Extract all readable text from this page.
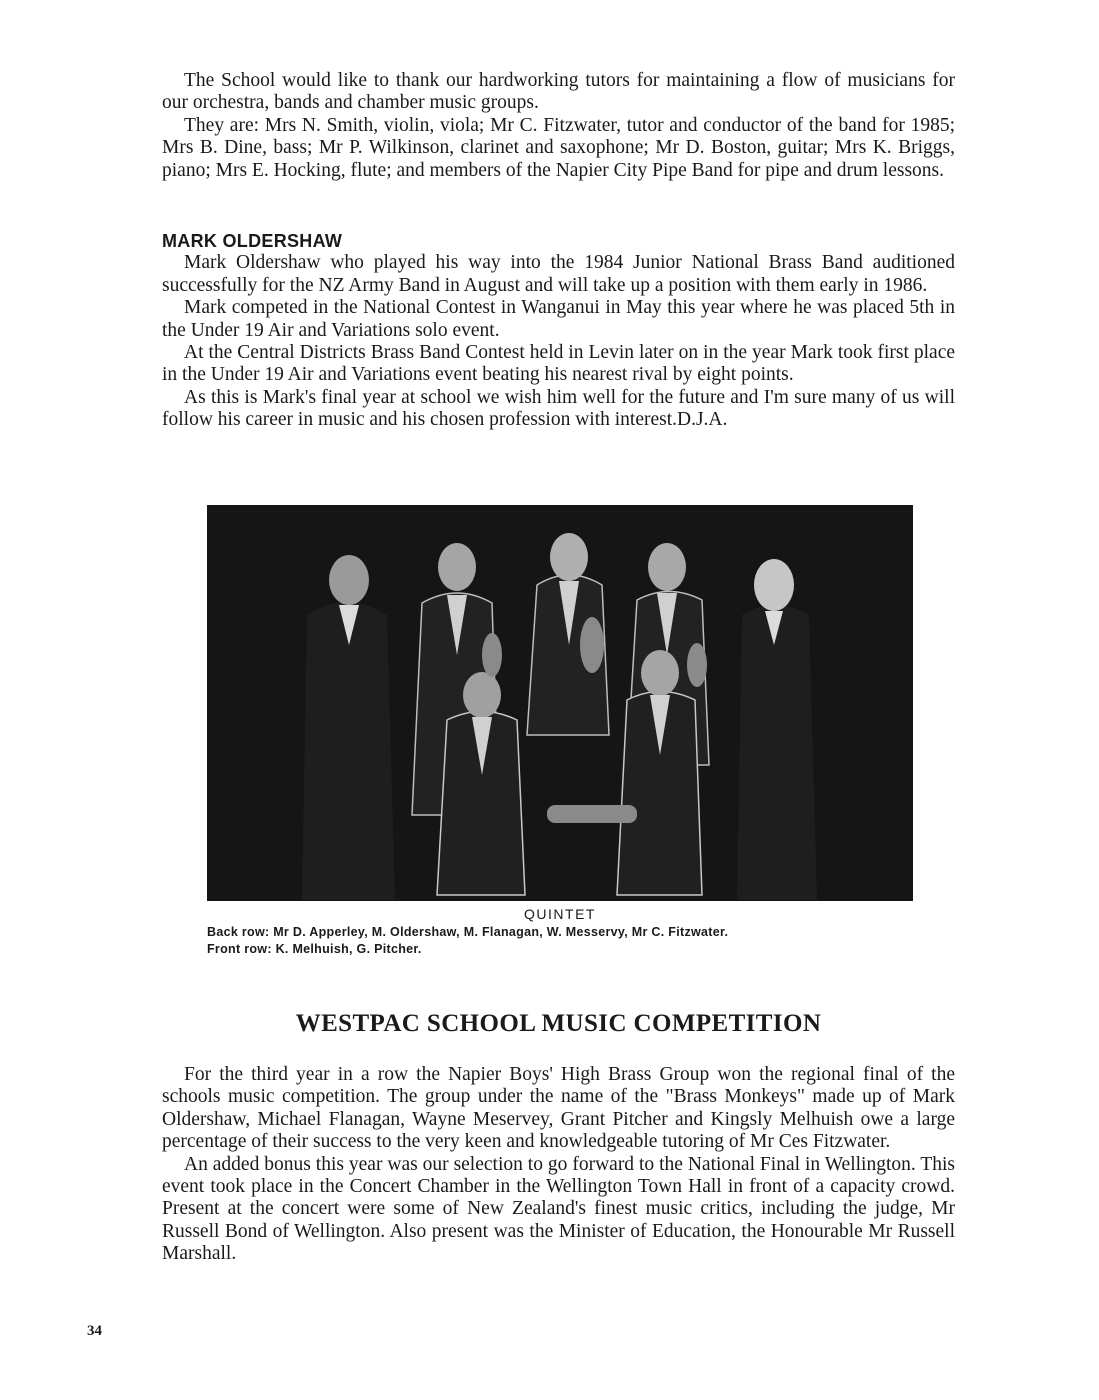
The School would like to thank our hardworking tutors for maintaining a flow of musicians for our orchestra, bands and chamber music groups.

They are: Mrs N. Smith, violin, viola; Mr C. Fitzwater, tutor and conductor of the band for 1985; Mrs B. Dine, bass; Mr P. Wilkinson, clarinet and saxophone; Mr D. Boston, guitar; Mrs K. Briggs, piano; Mrs E. Hocking, flute; and members of the Napier City Pipe Band for pipe and drum lessons.

MARK OLDERSHAW

Mark Oldershaw who played his way into the 1984 Junior National Brass Band auditioned successfully for the NZ Army Band in August and will take up a position with them early in 1986.

Mark competed in the National Contest in Wanganui in May this year where he was placed 5th in the Under 19 Air and Variations solo event.

At the Central Districts Brass Band Contest held in Levin later on in the year Mark took first place in the Under 19 Air and Variations event beating his nearest rival by eight points.

As this is Mark's final year at school we wish him well for the future and I'm sure many of us will follow his career in music and his chosen profession with interest.D.J.A.

QUINTET

Back row: Mr D. Apperley, M. Oldershaw, M. Flanagan, W. Messervy, Mr C. Fitzwater.

Front row: K. Melhuish, G. Pitcher.

WESTPAC SCHOOL MUSIC COMPETITION

For the third year in a row the Napier Boys' High Brass Group won the regional final of the schools music competition. The group under the name of the "Brass Monkeys" made up of Mark Oldershaw, Michael Flanagan, Wayne Meservey, Grant Pitcher and Kingsly Melhuish owe a large percentage of their success to the very keen and knowledgeable tutoring of Mr Ces Fitzwater.

An added bonus this year was our selection to go forward to the National Final in Wellington. This event took place in the Concert Chamber in the Wellington Town Hall in front of a capacity crowd. Present at the concert were some of New Zealand's finest music critics, including the judge, Mr Russell Bond of Wellington. Also present was the Minister of Education, the Honourable Mr Russell Marshall.

34
